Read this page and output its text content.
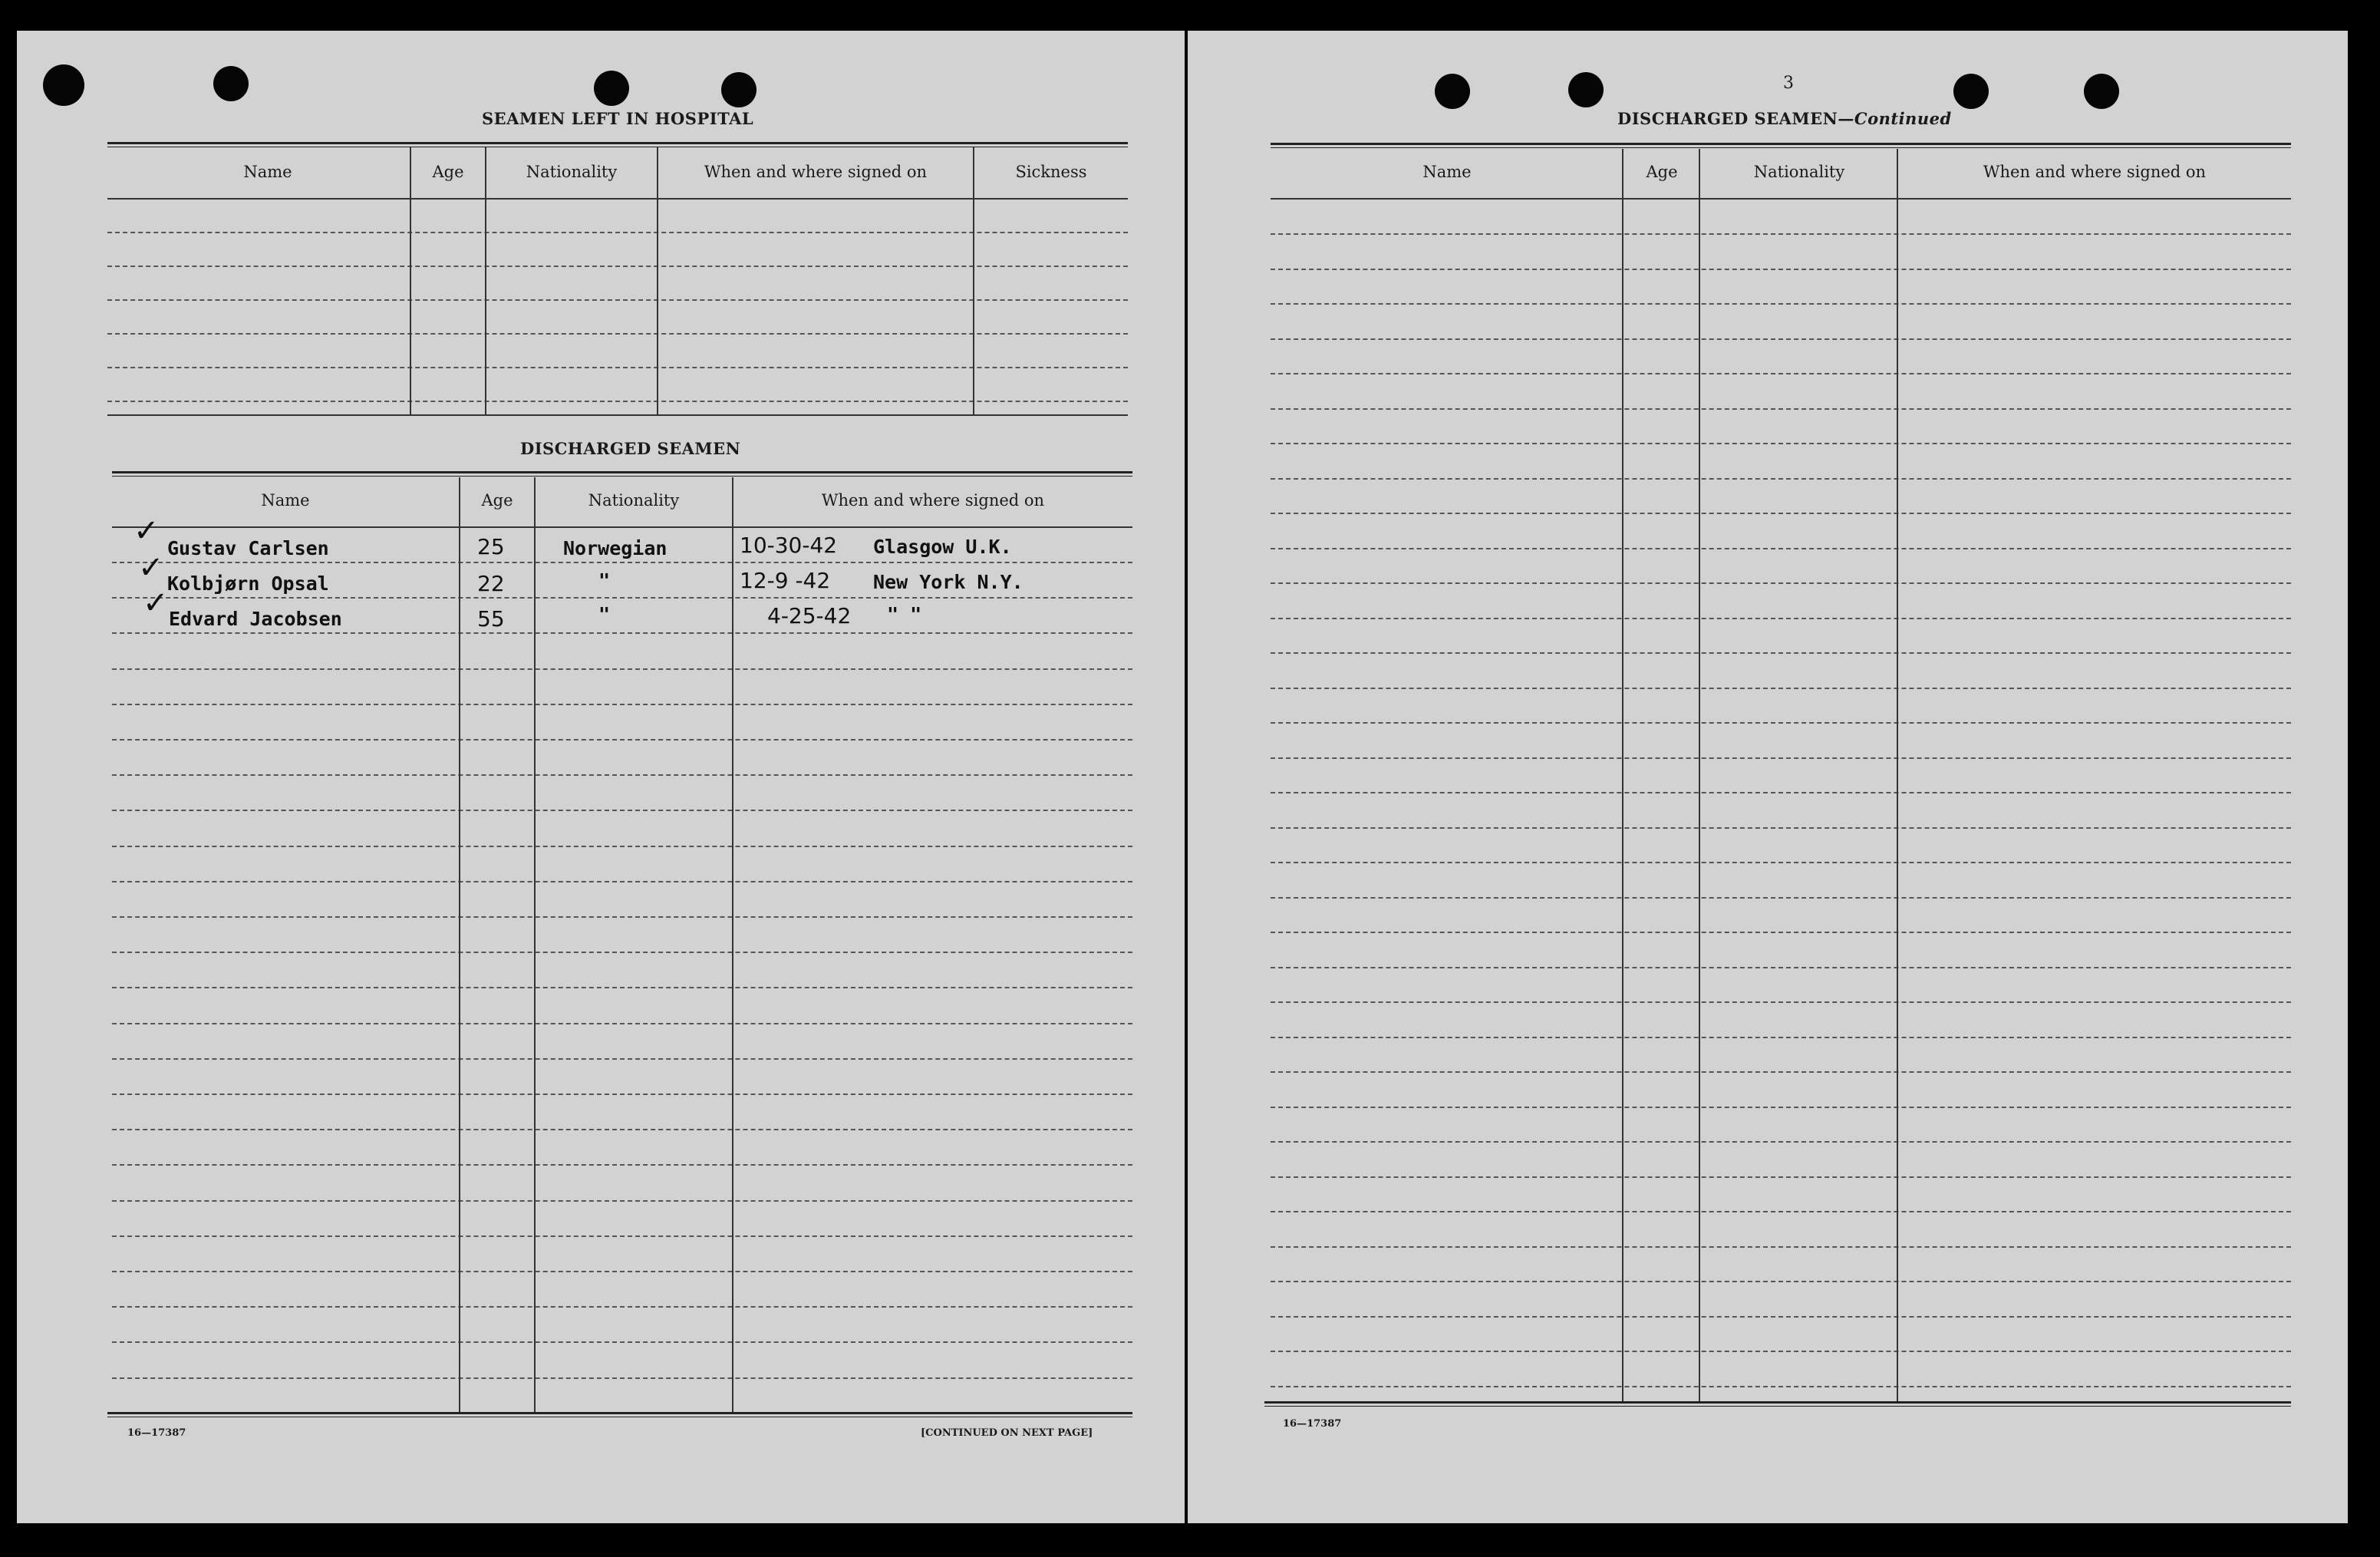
SEAMEN LEFT IN HOSPITAL
Name	Age	Nationality	When and where signed on	Sickness
DISCHARGED SEAMEN
Name	Age	Nationality	When and where signed on
✓ Gustav Carlsen	25	Norwegian	10-30-42 Glasgow U.K.
✓ Kolbjørn Opsal	22	"	12-9 -42 New York N.Y.
✓ Edvard Jacobsen	55	"	4-25-42 " "
16—17387	[CONTINUED ON NEXT PAGE]
3
DISCHARGED SEAMEN—Continued
Name	Age	Nationality	When and where signed on
16—17387
